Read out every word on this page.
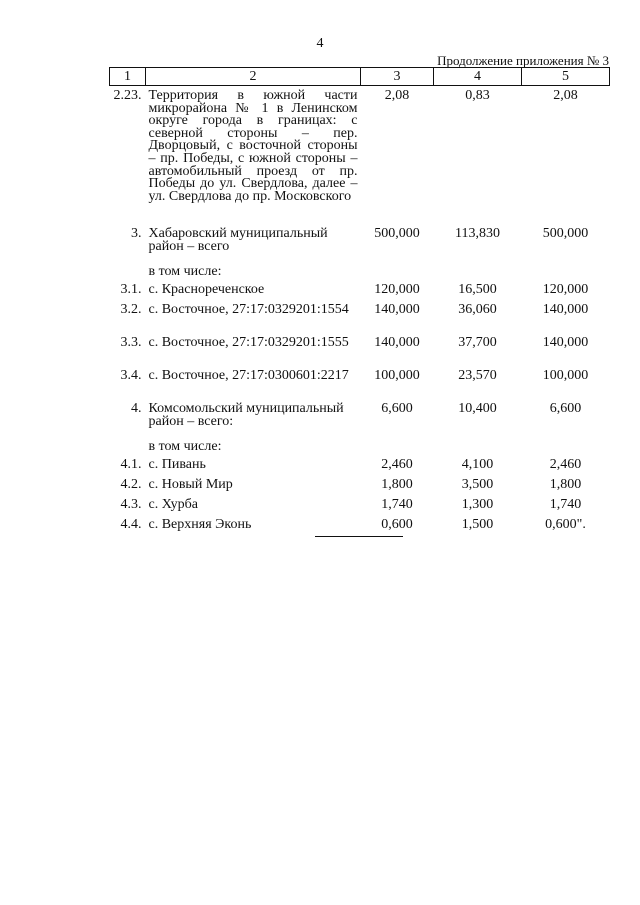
4
Продолжение приложения № 3
1	2	3	4	5
2.23.	Территория в южной части микрорайона № 1 в Ленинском округе города в границах: с северной стороны – пер. Дворцовый, с восточной стороны – пр. Победы, с южной стороны – автомобильный проезд от пр. Победы до ул. Свердлова, далее – ул. Свердлова до пр. Московского	2,08	0,83	2,08
3.	Хабаровский муниципальный район – всего	500,000	113,830	500,000
	в том числе:			
3.1.	с. Краснореченское	120,000	16,500	120,000
3.2.	с. Восточное, 27:17:0329201:1554	140,000	36,060	140,000
3.3.	с. Восточное, 27:17:0329201:1555	140,000	37,700	140,000
3.4.	с. Восточное, 27:17:0300601:2217	100,000	23,570	100,000
4.	Комсомольский муниципальный район – всего:	6,600	10,400	6,600
	в том числе:			
4.1.	с. Пивань	2,460	4,100	2,460
4.2.	с. Новый Мир	1,800	3,500	1,800
4.3.	с. Хурба	1,740	1,300	1,740
4.4.	с. Верхняя Эконь	0,600	1,500	0,600".
